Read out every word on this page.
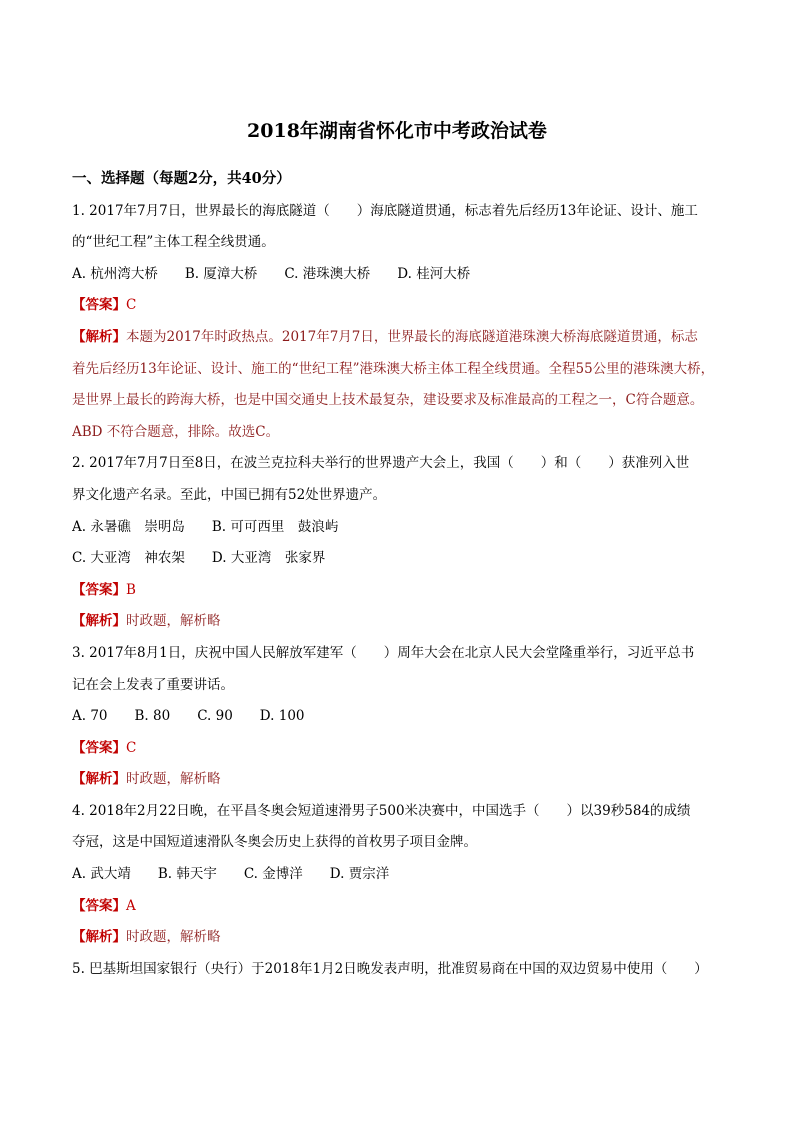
2018年湖南省怀化市中考政治试卷
一、选择题（每题2分，共40分）
1. 2017年7月7日，世界最长的海底隧道（　　）海底隧道贯通，标志着先后经历13年论证、设计、施工
的“世纪工程”主体工程全线贯通。
A. 杭州湾大桥　　B. 厦漳大桥　　C. 港珠澳大桥　　D. 桂河大桥
【答案】C
【解析】本题为2017年时政热点。2017年7月7日，世界最长的海底隧道港珠澳大桥海底隧道贯通，标志
着先后经历13年论证、设计、施工的“世纪工程”港珠澳大桥主体工程全线贯通。全程55公里的港珠澳大桥，
是世界上最长的跨海大桥，也是中国交通史上技术最复杂，建设要求及标准最高的工程之一，C符合题意。
ABD 不符合题意，排除。故选C。
2. 2017年7月7日至8日，在波兰克拉科夫举行的世界遗产大会上，我国（　　）和（　　）获准列入世
界文化遗产名录。至此，中国已拥有52处世界遗产。
A. 永暑礁　崇明岛　　B. 可可西里　鼓浪屿
C. 大亚湾　神农架　　D. 大亚湾　张家界
【答案】B
【解析】时政题，解析略
3. 2017年8月1日，庆祝中国人民解放军建军（　　）周年大会在北京人民大会堂隆重举行，习近平总书
记在会上发表了重要讲话。
A. 70　　B. 80　　C. 90　　D. 100
【答案】C
【解析】时政题，解析略
4. 2018年2月22日晚，在平昌冬奥会短道速滑男子500米决赛中，中国选手（　　）以39秒584的成绩
夺冠，这是中国短道速滑队冬奥会历史上获得的首枚男子项目金牌。
A. 武大靖　　B. 韩天宇　　C. 金博洋　　D. 贾宗洋
【答案】A
【解析】时政题，解析略
5. 巴基斯坦国家银行（央行）于2018年1月2日晚发表声明，批准贸易商在中国的双边贸易中使用（　　）
